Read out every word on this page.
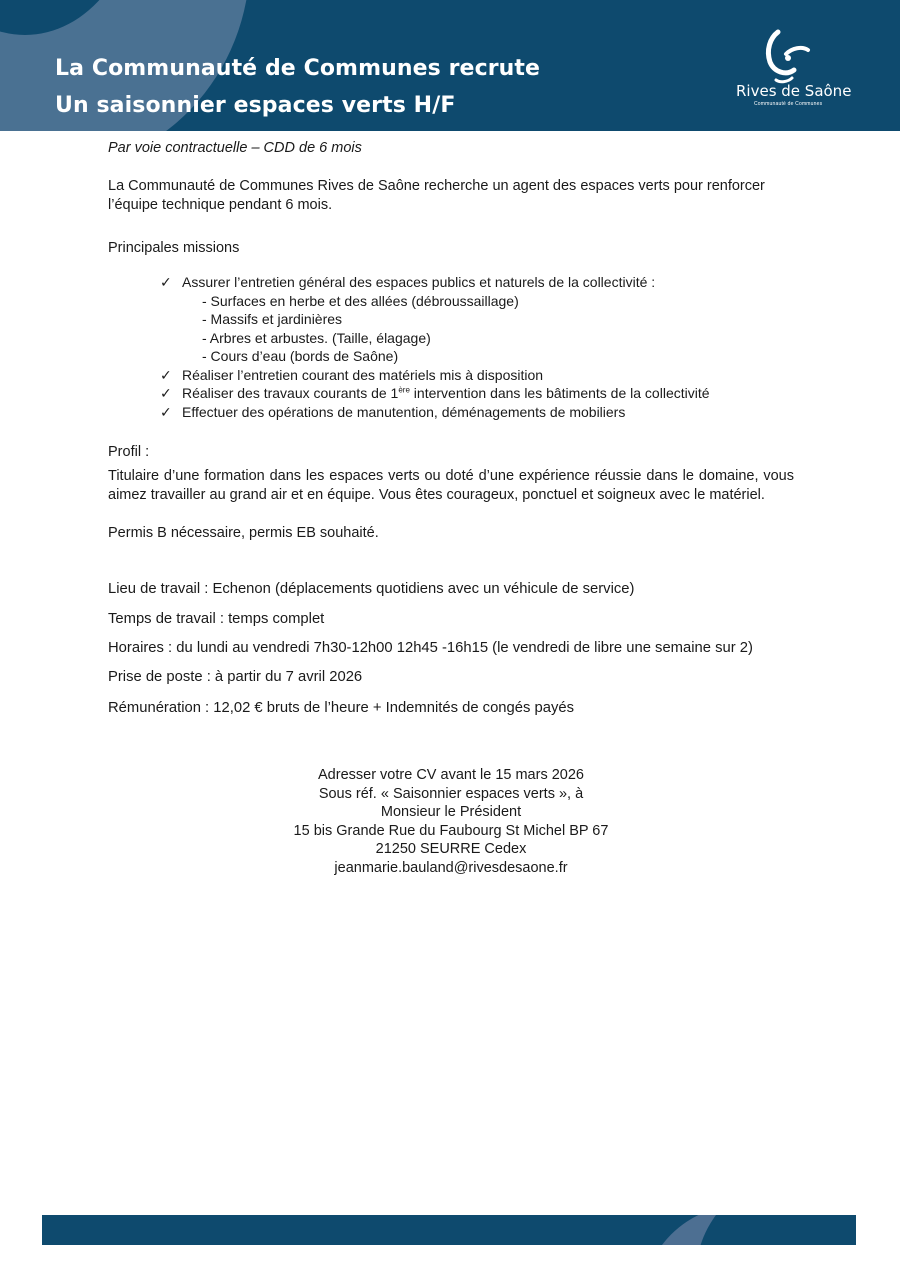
La Communauté de Communes recrute
Un saisonnier espaces verts H/F
Rives de Saône
Communauté de Communes

Par voie contractuelle – CDD de 6 mois

La Communauté de Communes Rives de Saône recherche un agent des espaces verts pour renforcer l’équipe technique pendant 6 mois.

Principales missions

✓ Assurer l’entretien général des espaces publics et naturels de la collectivité :
- Surfaces en herbe et des allées (débroussaillage)
- Massifs et jardinières
- Arbres et arbustes. (Taille, élagage)
- Cours d’eau (bords de Saône)
✓ Réaliser l’entretien courant des matériels mis à disposition
✓ Réaliser des travaux courants de 1ère intervention dans les bâtiments de la collectivité
✓ Effectuer des opérations de manutention, déménagements de mobiliers

Profil :

Titulaire d’une formation dans les espaces verts ou doté d’une expérience réussie dans le domaine, vous aimez travailler au grand air et en équipe. Vous êtes courageux, ponctuel et soigneux avec le matériel.

Permis B nécessaire, permis EB souhaité.

Lieu de travail : Echenon (déplacements quotidiens avec un véhicule de service)

Temps de travail : temps complet

Horaires : du lundi au vendredi 7h30-12h00 12h45 -16h15 (le vendredi de libre une semaine sur 2)

Prise de poste : à partir du 7 avril 2026

Rémunération : 12,02 € bruts de l’heure + Indemnités de congés payés

Adresser votre CV avant le 15 mars 2026

Sous réf. « Saisonnier espaces verts », à

Monsieur le Président

15 bis Grande Rue du Faubourg St Michel BP 67

21250 SEURRE Cedex

jeanmarie.bauland@rivesdesaone.fr
